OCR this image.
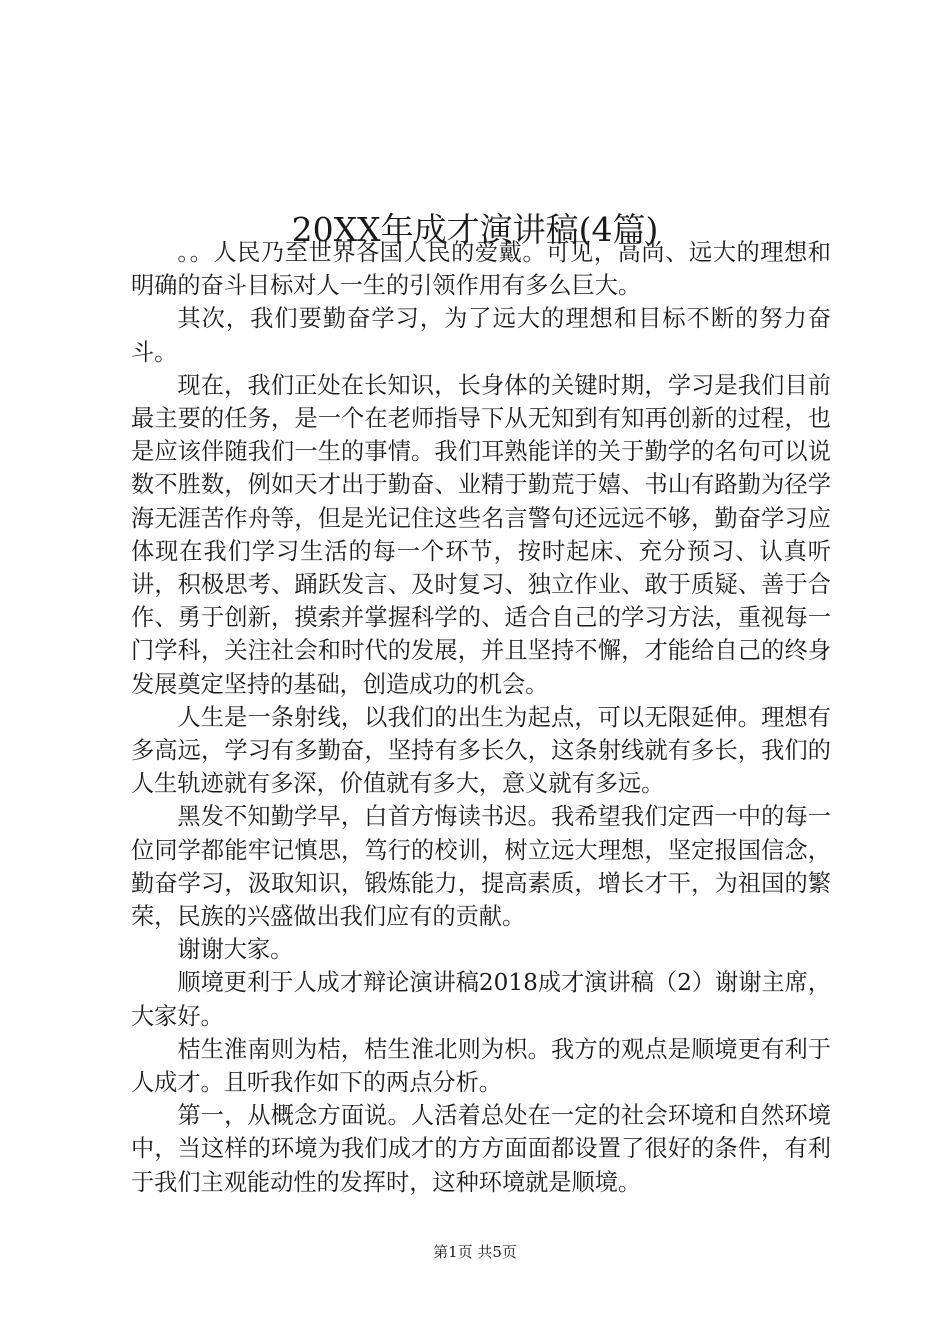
20XX年成才演讲稿(4篇)

。。人民乃至世界各国人民的爱戴。可见，高尚、远大的理想和明确的奋斗目标对人一生的引领作用有多么巨大。

其次，我们要勤奋学习，为了远大的理想和目标不断的努力奋斗。

现在，我们正处在长知识，长身体的关键时期，学习是我们目前最主要的任务，是一个在老师指导下从无知到有知再创新的过程，也是应该伴随我们一生的事情。我们耳熟能详的关于勤学的名句可以说数不胜数，例如天才出于勤奋、业精于勤荒于嬉、书山有路勤为径学海无涯苦作舟等，但是光记住这些名言警句还远远不够，勤奋学习应体现在我们学习生活的每一个环节，按时起床、充分预习、认真听讲，积极思考、踊跃发言、及时复习、独立作业、敢于质疑、善于合作、勇于创新，摸索并掌握科学的、适合自己的学习方法，重视每一门学科，关注社会和时代的发展，并且坚持不懈，才能给自己的终身发展奠定坚持的基础，创造成功的机会。

人生是一条射线，以我们的出生为起点，可以无限延伸。理想有多高远，学习有多勤奋，坚持有多长久，这条射线就有多长，我们的人生轨迹就有多深，价值就有多大，意义就有多远。

黑发不知勤学早，白首方悔读书迟。我希望我们定西一中的每一位同学都能牢记慎思，笃行的校训，树立远大理想，坚定报国信念，勤奋学习，汲取知识，锻炼能力，提高素质，增长才干，为祖国的繁荣，民族的兴盛做出我们应有的贡献。

谢谢大家。

顺境更利于人成才辩论演讲稿2018成才演讲稿（2）谢谢主席，大家好。

桔生淮南则为桔，桔生淮北则为枳。我方的观点是顺境更有利于人成才。且听我作如下的两点分析。

第一，从概念方面说。人活着总处在一定的社会环境和自然环境中，当这样的环境为我们成才的方方面面都设置了很好的条件，有利于我们主观能动性的发挥时，这种环境就是顺境。

第1页 共5页
